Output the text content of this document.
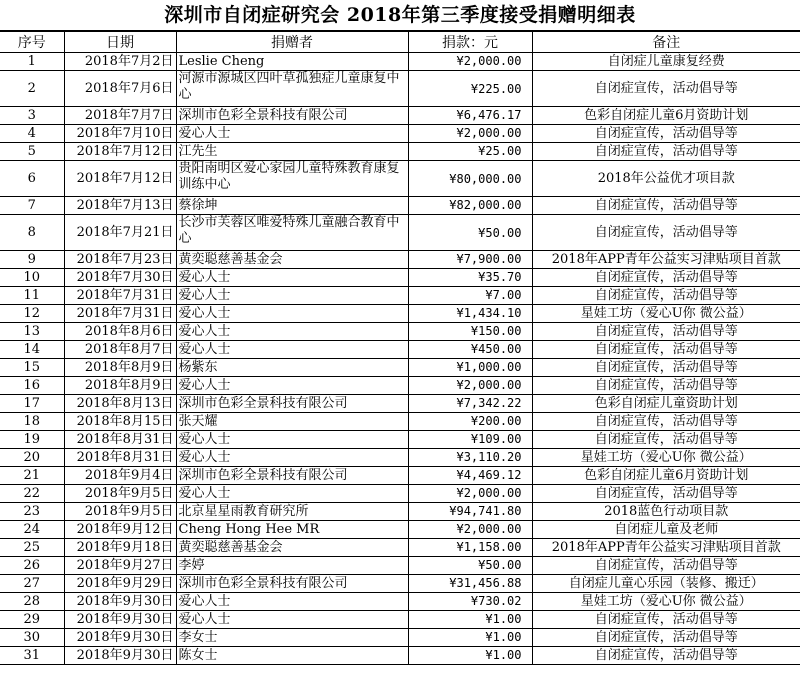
深圳市自闭症研究会 2018年第三季度接受捐赠明细表
序号	日期	捐赠者	捐款：元	备注
1	2018年7月2日	Leslie Cheng	¥2,000.00	自闭症儿童康复经费
2	2018年7月6日	河源市源城区四叶草孤独症儿童康复中心	¥225.00	自闭症宣传，活动倡导等
3	2018年7月7日	深圳市色彩全景科技有限公司	¥6,476.17	色彩自闭症儿童6月资助计划
4	2018年7月10日	爱心人士	¥2,000.00	自闭症宣传，活动倡导等
5	2018年7月12日	江先生	¥25.00	自闭症宣传，活动倡导等
6	2018年7月12日	贵阳南明区爱心家园儿童特殊教育康复训练中心	¥80,000.00	2018年公益优才项目款
7	2018年7月13日	蔡徐坤	¥82,000.00	自闭症宣传，活动倡导等
8	2018年7月21日	长沙市芙蓉区唯爱特殊儿童融合教育中心	¥50.00	自闭症宣传，活动倡导等
9	2018年7月23日	黄奕聪慈善基金会	¥7,900.00	2018年APP青年公益实习津贴项目首款
10	2018年7月30日	爱心人士	¥35.70	自闭症宣传，活动倡导等
11	2018年7月31日	爱心人士	¥7.00	自闭症宣传，活动倡导等
12	2018年7月31日	爱心人士	¥1,434.10	星娃工坊（爱心U你 微公益）
13	2018年8月6日	爱心人士	¥150.00	自闭症宣传，活动倡导等
14	2018年8月7日	爱心人士	¥450.00	自闭症宣传，活动倡导等
15	2018年8月9日	杨紫东	¥1,000.00	自闭症宣传，活动倡导等
16	2018年8月9日	爱心人士	¥2,000.00	自闭症宣传，活动倡导等
17	2018年8月13日	深圳市色彩全景科技有限公司	¥7,342.22	色彩自闭症儿童资助计划
18	2018年8月15日	张天耀	¥200.00	自闭症宣传，活动倡导等
19	2018年8月31日	爱心人士	¥109.00	自闭症宣传，活动倡导等
20	2018年8月31日	爱心人士	¥3,110.20	星娃工坊（爱心U你 微公益）
21	2018年9月4日	深圳市色彩全景科技有限公司	¥4,469.12	色彩自闭症儿童6月资助计划
22	2018年9月5日	爱心人士	¥2,000.00	自闭症宣传，活动倡导等
23	2018年9月5日	北京星星雨教育研究所	¥94,741.80	2018蓝色行动项目款
24	2018年9月12日	Cheng Hong Hee MR	¥2,000.00	自闭症儿童及老师
25	2018年9月18日	黄奕聪慈善基金会	¥1,158.00	2018年APP青年公益实习津贴项目首款
26	2018年9月27日	李婷	¥50.00	自闭症宣传，活动倡导等
27	2018年9月29日	深圳市色彩全景科技有限公司	¥31,456.88	自闭症儿童心乐园（装修、搬迁）
28	2018年9月30日	爱心人士	¥730.02	星娃工坊（爱心U你 微公益）
29	2018年9月30日	爱心人士	¥1.00	自闭症宣传，活动倡导等
30	2018年9月30日	李女士	¥1.00	自闭症宣传，活动倡导等
31	2018年9月30日	陈女士	¥1.00	自闭症宣传，活动倡导等
